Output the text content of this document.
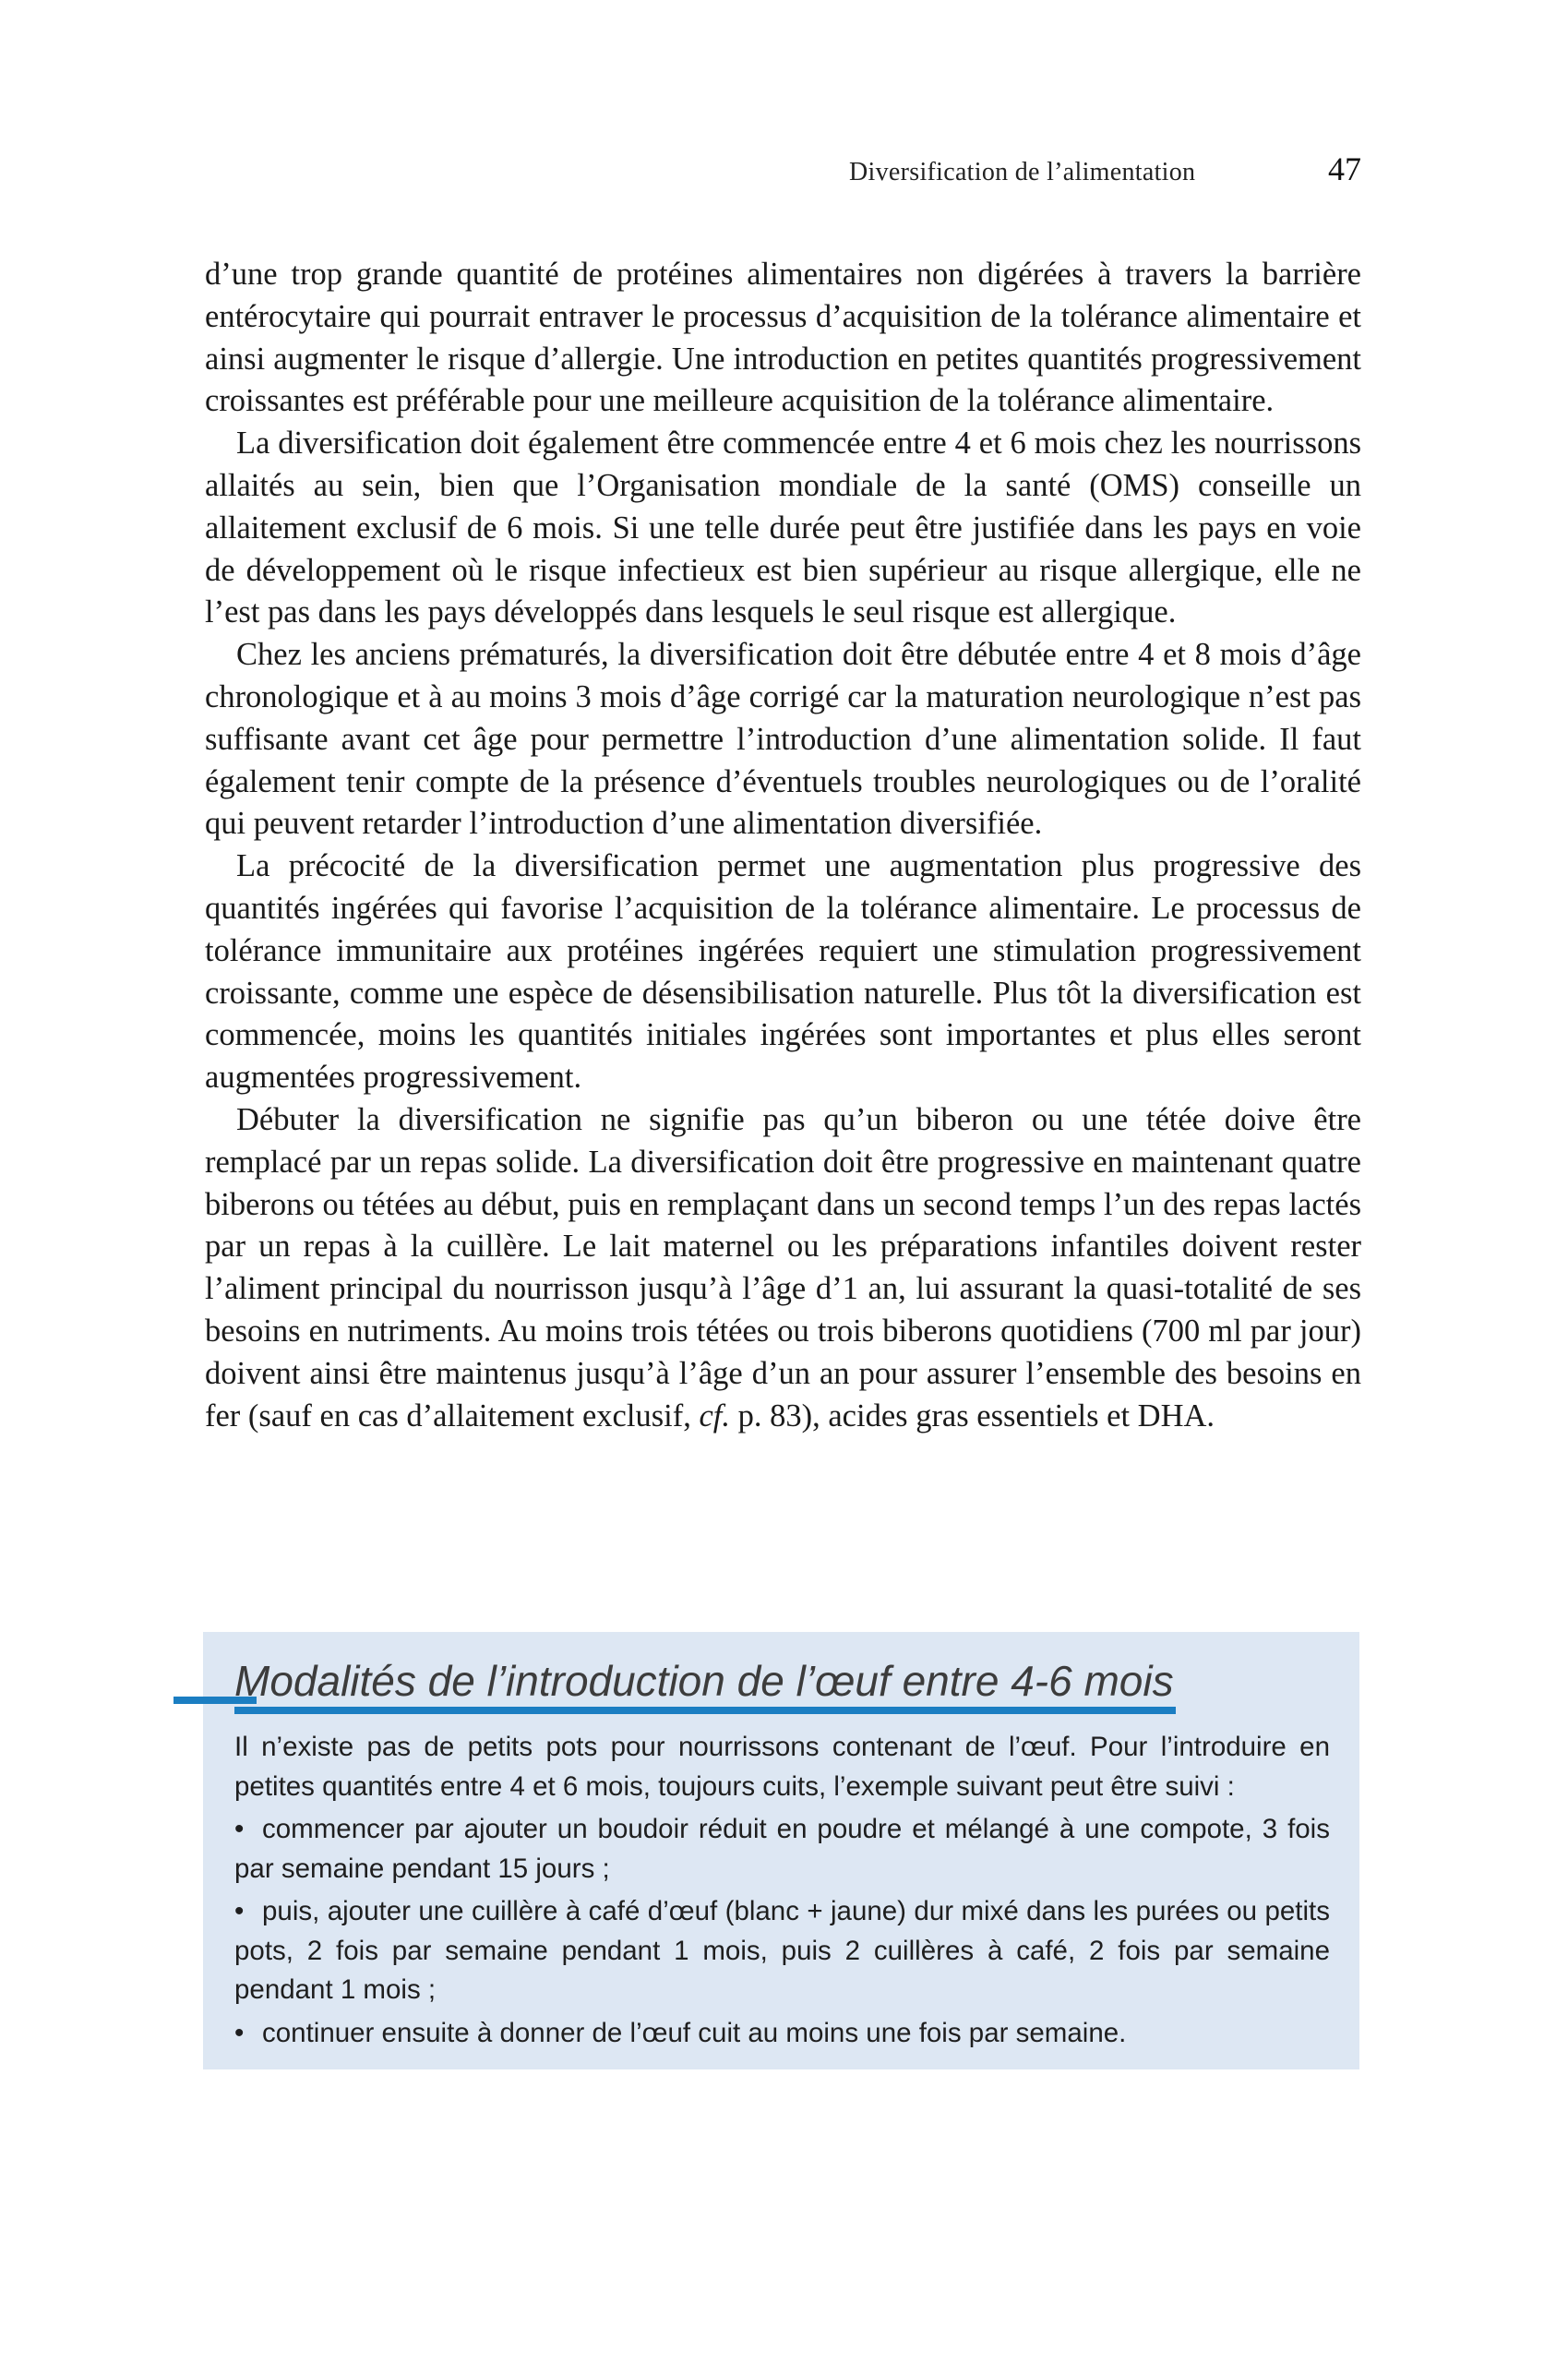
Diversification de l’alimentation	47

d’une trop grande quantité de protéines alimentaires non digérées à travers la barrière entérocytaire qui pourrait entraver le processus d’acquisition de la tolérance alimentaire et ainsi augmenter le risque d’allergie. Une introduction en petites quantités progressivement croissantes est préférable pour une meilleure acquisition de la tolérance alimentaire.

La diversification doit également être commencée entre 4 et 6 mois chez les nourrissons allaités au sein, bien que l’Organisation mondiale de la santé (OMS) conseille un allaitement exclusif de 6 mois. Si une telle durée peut être justifiée dans les pays en voie de développement où le risque infectieux est bien supérieur au risque allergique, elle ne l’est pas dans les pays développés dans lesquels le seul risque est allergique.

Chez les anciens prématurés, la diversification doit être débutée entre 4 et 8 mois d’âge chronologique et à au moins 3 mois d’âge corrigé car la maturation neurologique n’est pas suffisante avant cet âge pour permettre l’introduction d’une alimentation solide. Il faut également tenir compte de la présence d’éventuels troubles neurologiques ou de l’oralité qui peuvent retarder l’introduction d’une alimentation diversifiée.

La précocité de la diversification permet une augmentation plus progressive des quantités ingérées qui favorise l’acquisition de la tolérance alimentaire. Le processus de tolérance immunitaire aux protéines ingérées requiert une stimulation progressivement croissante, comme une espèce de désensibilisation naturelle. Plus tôt la diversification est commencée, moins les quantités initiales ingérées sont importantes et plus elles seront augmentées progressivement.

Débuter la diversification ne signifie pas qu’un biberon ou une tétée doive être remplacé par un repas solide. La diversification doit être progressive en maintenant quatre biberons ou tétées au début, puis en remplaçant dans un second temps l’un des repas lactés par un repas à la cuillère. Le lait maternel ou les préparations infantiles doivent rester l’aliment principal du nourrisson jusqu’à l’âge d’1 an, lui assurant la quasi-totalité de ses besoins en nutriments. Au moins trois tétées ou trois biberons quotidiens (700 ml par jour) doivent ainsi être maintenus jusqu’à l’âge d’un an pour assurer l’ensemble des besoins en fer (sauf en cas d’allaitement exclusif, cf. p. 83), acides gras essentiels et DHA.

Modalités de l’introduction de l’œuf entre 4-6 mois

Il n’existe pas de petits pots pour nourrissons contenant de l’œuf. Pour l’introduire en petites quantités entre 4 et 6 mois, toujours cuits, l’exemple suivant peut être suivi :

• commencer par ajouter un boudoir réduit en poudre et mélangé à une compote, 3 fois par semaine pendant 15 jours ;

• puis, ajouter une cuillère à café d’œuf (blanc + jaune) dur mixé dans les purées ou petits pots, 2 fois par semaine pendant 1 mois, puis 2 cuillères à café, 2 fois par semaine pendant 1 mois ;

• continuer ensuite à donner de l’œuf cuit au moins une fois par semaine.
